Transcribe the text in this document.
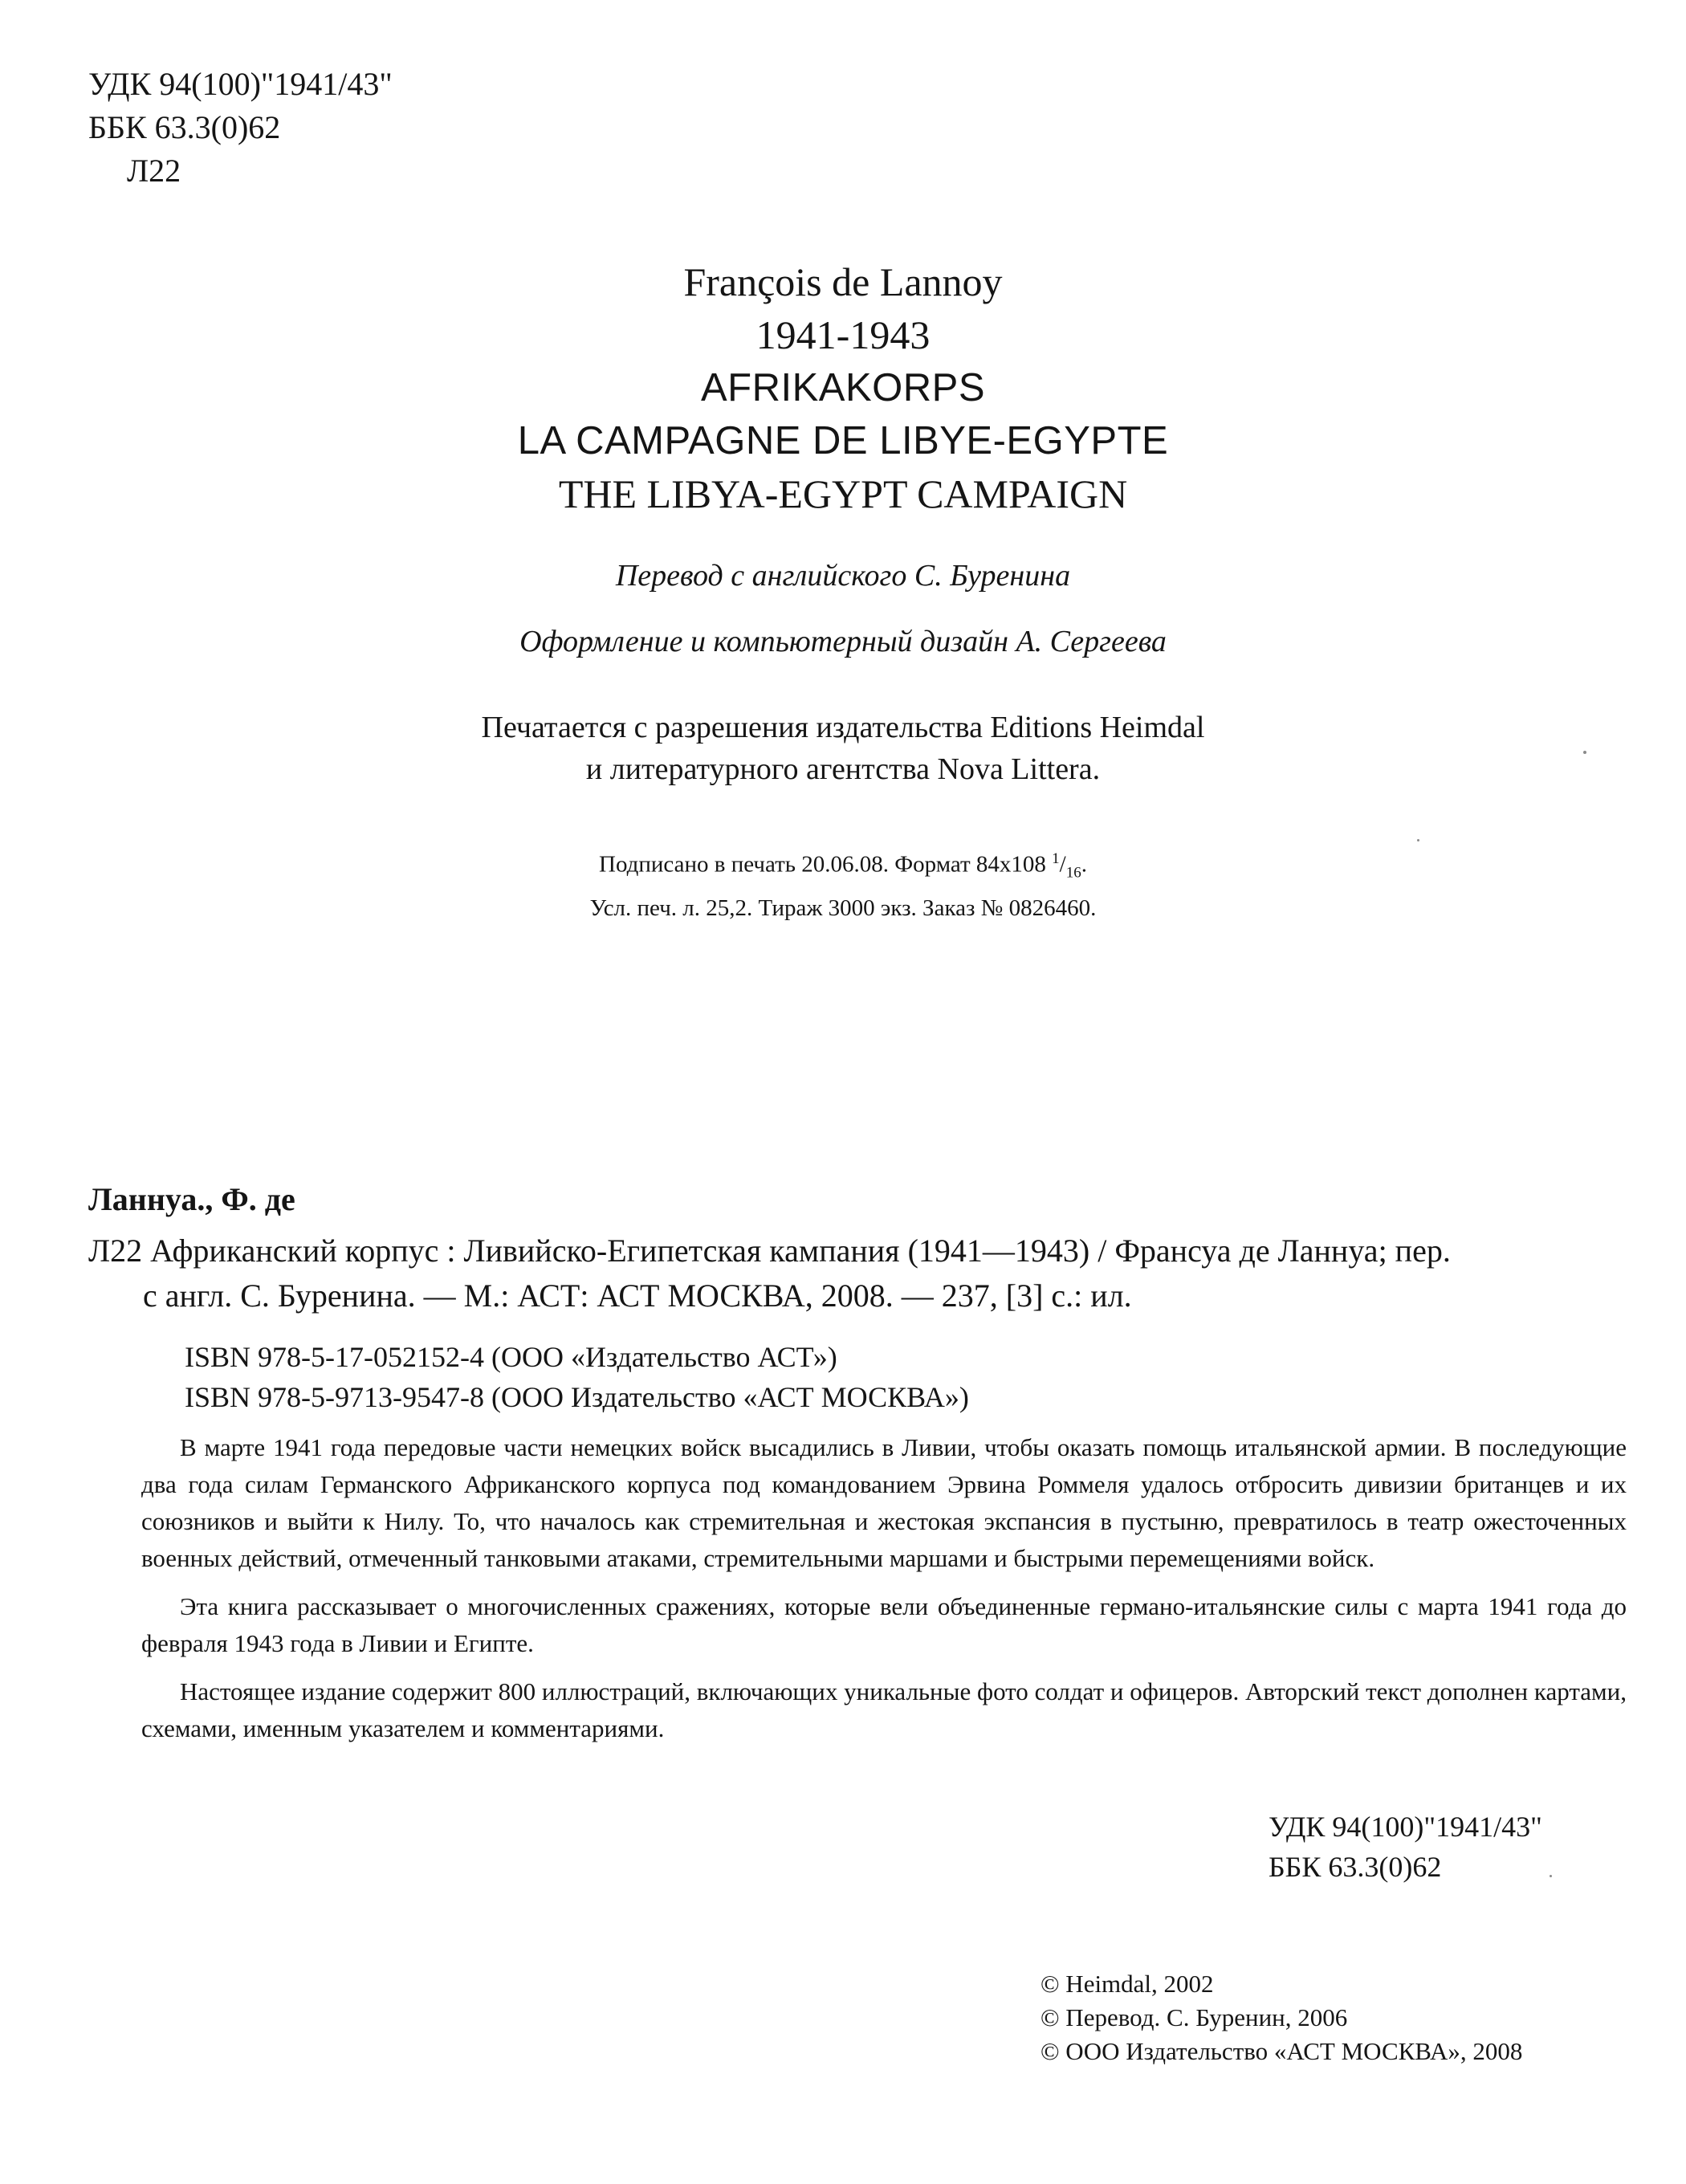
УДК 94(100)"1941/43"
ББК 63.3(0)62
Л22
François de Lannoy
1941-1943
AFRIKAKORPS
LA CAMPAGNE DE LIBYE-EGYPTE
THE LIBYA-EGYPT CAMPAIGN
Перевод с английского С. Буренина
Оформление и компьютерный дизайн А. Сергеева
Печатается с разрешения издательства Editions Heimdal
и литературного агентства Nova Littera.
Подписано в печать 20.06.08. Формат 84x108 $^1/_{16}$.
Усл. печ. л. 25,2. Тираж 3000 экз. Заказ № 0826460.
Ланнуа., Ф. де
Л22 Африканский корпус : Ливийско-Египетская кампания (1941—1943) / Франсуа де Ланнуа; пер.
с англ. С. Буренина. — М.: АСТ: АСТ МОСКВА, 2008. — 237, [3] с.: ил.
ISBN 978-5-17-052152-4 (ООО «Издательство АСТ»)
ISBN 978-5-9713-9547-8 (ООО Издательство «АСТ МОСКВА»)

В марте 1941 года передовые части немецких войск высадились в Ливии, чтобы оказать помощь итальянской армии. В последующие два года силам Германского Африканского корпуса под командованием Эрвина Роммеля удалось отбросить дивизии британцев и их союзников и выйти к Нилу. То, что началось как стремительная и жестокая экспансия в пустыню, превратилось в театр ожесточенных военных действий, отмеченный танковыми атаками, стремительными маршами и быстрыми перемещениями войск.

Эта книга рассказывает о многочисленных сражениях, которые вели объединенные германо-итальянские силы с марта 1941 года до февраля 1943 года в Ливии и Египте.

Настоящее издание содержит 800 иллюстраций, включающих уникальные фото солдат и офицеров. Авторский текст дополнен картами, схемами, именным указателем и комментариями.

УДК 94(100)"1941/43"
ББК 63.3(0)62
© Heimdal, 2002
© Перевод. С. Буренин, 2006
© ООО Издательство «АСТ МОСКВА», 2008
